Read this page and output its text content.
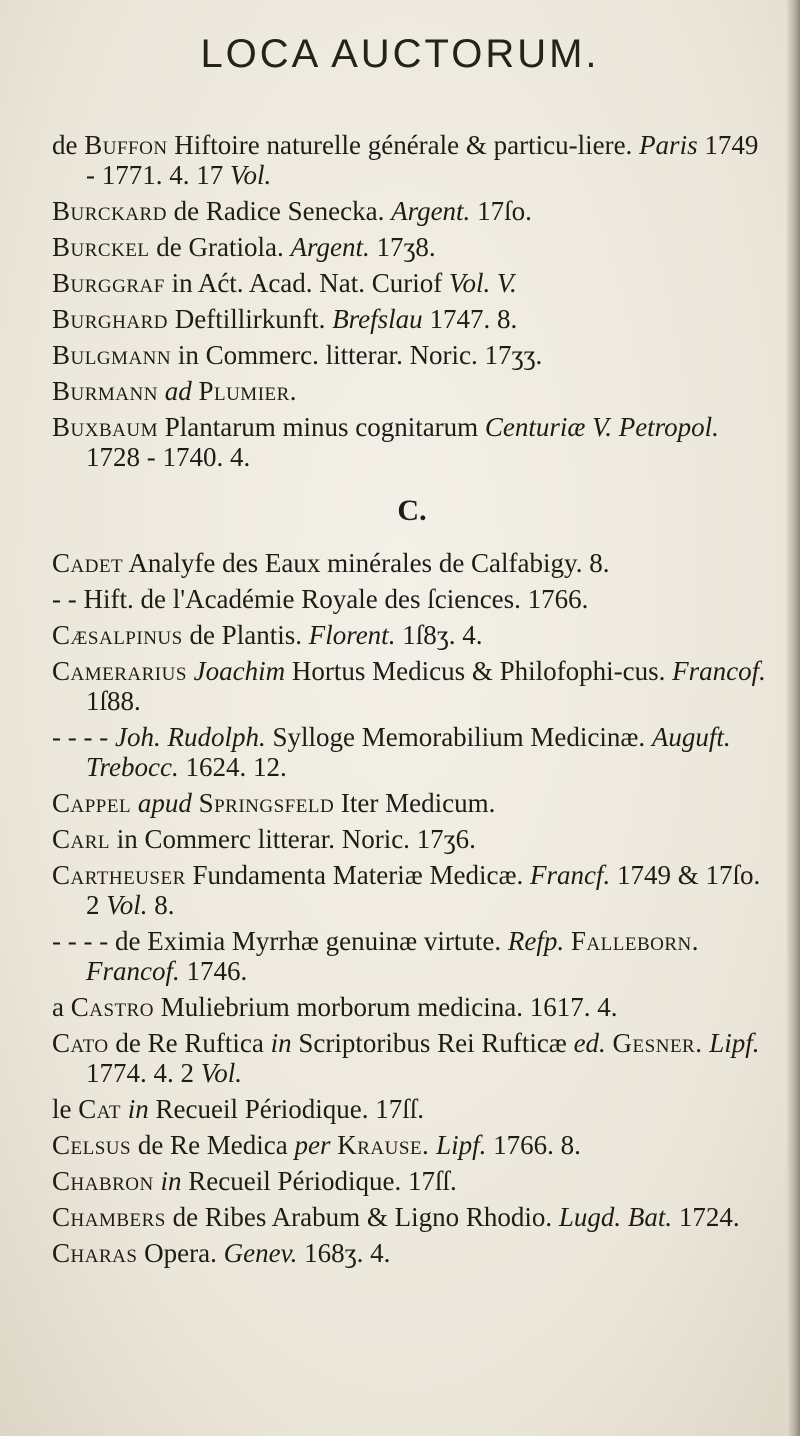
LOCA AUCTORUM.
de Buffon Hiftoire naturelle générale & particu-liere. Paris 1749 - 1771. 4. 17 Vol.
Burckard de Radice Senecka. Argent. 17ſo.
Burckel de Gratiola. Argent. 17ʒ8.
Burggraf in Aćt. Acad. Nat. Curiof Vol. V.
Burghard Deftillirkunft. Brefslau 1747. 8.
Bulgmann in Commerc. litterar. Noric. 17ʒʒ.
Burmann ad Plumier.
Buxbaum Plantarum minus cognitarum Centuriæ V. Petropol. 1728 - 1740. 4.
C.
Cadet Analyfe des Eaux minérales de Calfabigy. 8.
- - Hift. de l'Académie Royale des ſciences. 1766.
Cæsalpinus de Plantis. Florent. 1ſ8ʒ. 4.
Camerarius Joachim Hortus Medicus & Philofophi-cus. Francof. 1ſ88.
- - - - Joh. Rudolph. Sylloge Memorabilium Medicinæ. Auguft. Trebocc. 1624. 12.
Cappel apud Springsfeld Iter Medicum.
Carl in Commerc litterar. Noric. 17ʒ6.
Cartheuser Fundamenta Materiæ Medicæ. Francf. 1749 & 17ſo. 2 Vol. 8.
- - - - de Eximia Myrrhæ genuinæ virtute. Refp. Falleborn. Francof. 1746.
a Castro Muliebrium morborum medicina. 1617. 4.
Cato de Re Ruftica in Scriptoribus Rei Rufticæ ed. Gesner. Lipf. 1774. 4. 2 Vol.
le Cat in Recueil Périodique. 17ſſ.
Celsus de Re Medica per Krause. Lipf. 1766. 8.
Chabron in Recueil Périodique. 17ſſ.
Chambers de Ribes Arabum & Ligno Rhodio. Lugd. Bat. 1724.
Charas Opera. Genev. 168ʒ. 4.
